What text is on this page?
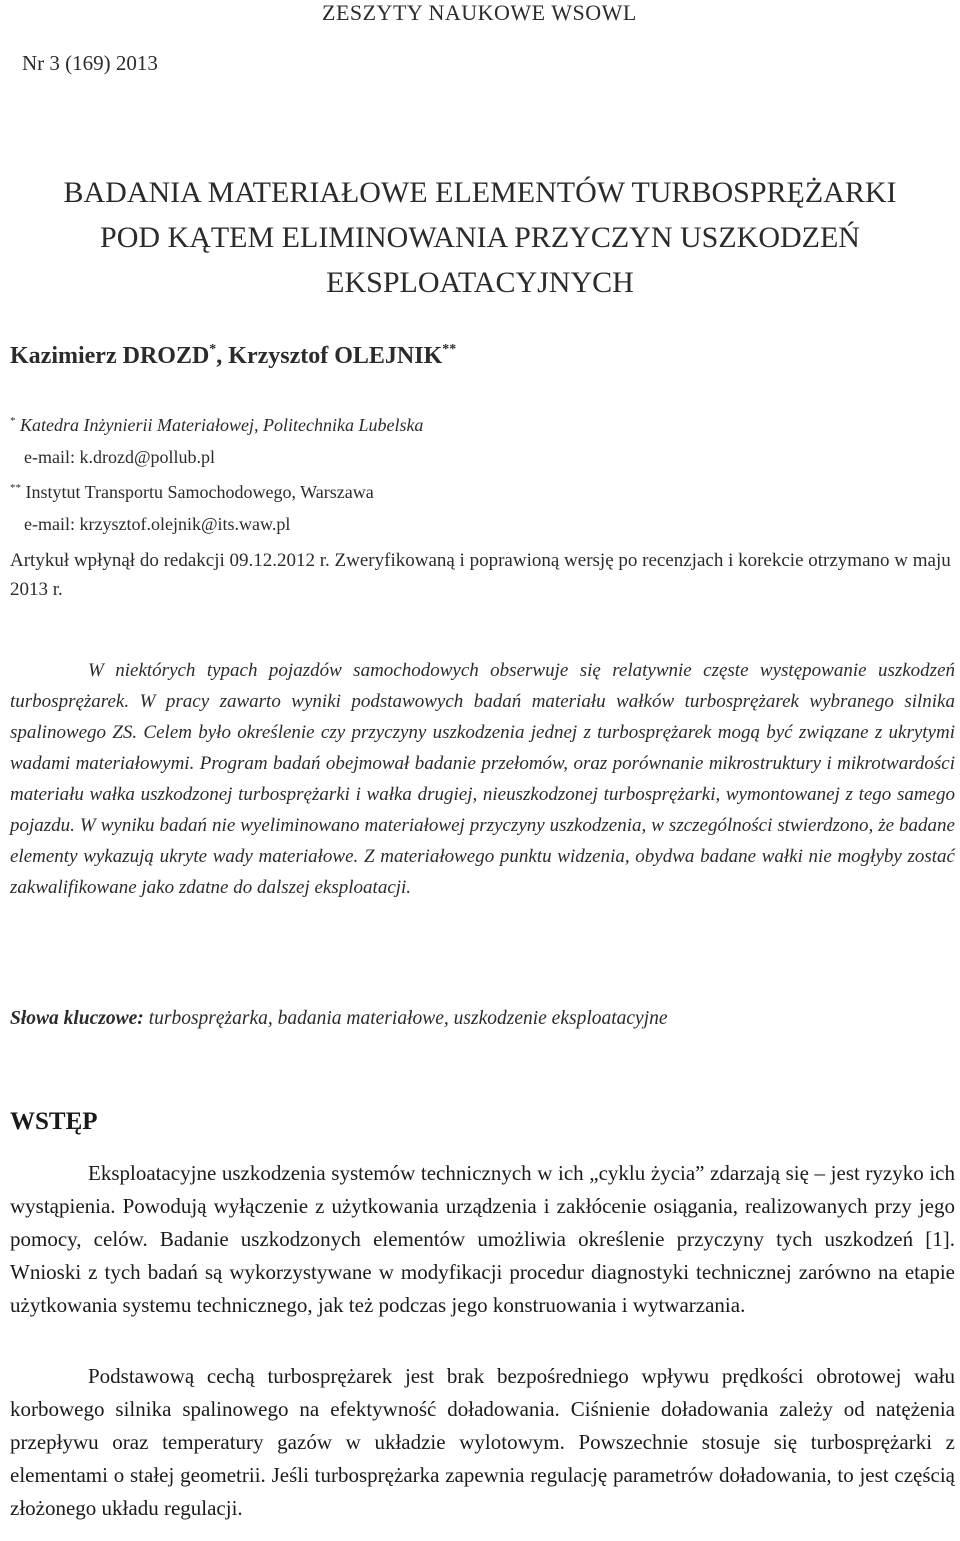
ZESZYTY NAUKOWE WSOWL
Nr 3 (169) 2013
BADANIA MATERIAŁOWE ELEMENTÓW TURBOSPRĘŻARKI
POD KĄTEM ELIMINOWANIA PRZYCZYN USZKODZEŃ
EKSPLOATACYJNYCH
Kazimierz DROZD*, Krzysztof OLEJNIK**
* Katedra Inżynierii Materiałowej, Politechnika Lubelska
e-mail: k.drozd@pollub.pl
** Instytut Transportu Samochodowego, Warszawa
e-mail: krzysztof.olejnik@its.waw.pl
Artykuł wpłynął do redakcji 09.12.2012 r. Zweryfikowaną i poprawioną wersję po recenzjach i korekcie otrzymano w maju 2013 r.
W niektórych typach pojazdów samochodowych obserwuje się relatywnie częste występowanie uszkodzeń turbosprężarek. W pracy zawarto wyniki podstawowych badań materiału wałków turbosprężarek wybranego silnika spalinowego ZS. Celem było określenie czy przyczyny uszkodzenia jednej z turbosprężarek mogą być związane z ukrytymi wadami materiałowymi. Program badań obejmował badanie przełomów, oraz porównanie mikrostruktury i mikrotwardości materiału wałka uszkodzonej turbosprężarki i wałka drugiej, nieuszkodzonej turbosprężarki, wymontowanej z tego samego pojazdu. W wyniku badań nie wyeliminowano materiałowej przyczyny uszkodzenia, w szczególności stwierdzono, że badane elementy wykazują ukryte wady materiałowe. Z materiałowego punktu widzenia, obydwa badane wałki nie mogłyby zostać zakwalifikowane jako zdatne do dalszej eksploatacji.
Słowa kluczowe: turbosprężarka, badania materiałowe, uszkodzenie eksploatacyjne
WSTĘP
Eksploatacyjne uszkodzenia systemów technicznych w ich „cyklu życia” zdarzają się – jest ryzyko ich wystąpienia. Powodują wyłączenie z użytkowania urządzenia i zakłócenie osiągania, realizowanych przy jego pomocy, celów. Badanie uszkodzonych elementów umożliwia określenie przyczyny tych uszkodzeń [1]. Wnioski z tych badań są wykorzystywane w modyfikacji procedur diagnostyki technicznej zarówno na etapie użytkowania systemu technicznego, jak też podczas jego konstruowania i wytwarzania.
Podstawową cechą turbosprężarek jest brak bezpośredniego wpływu prędkości obrotowej wału korbowego silnika spalinowego na efektywność doładowania. Ciśnienie doładowania zależy od natężenia przepływu oraz temperatury gazów w układzie wylotowym. Powszechnie stosuje się turbosprężarki z elementami o stałej geometrii. Jeśli turbosprężarka zapewnia regulację parametrów doładowania, to jest częścią złożonego układu regulacji.
